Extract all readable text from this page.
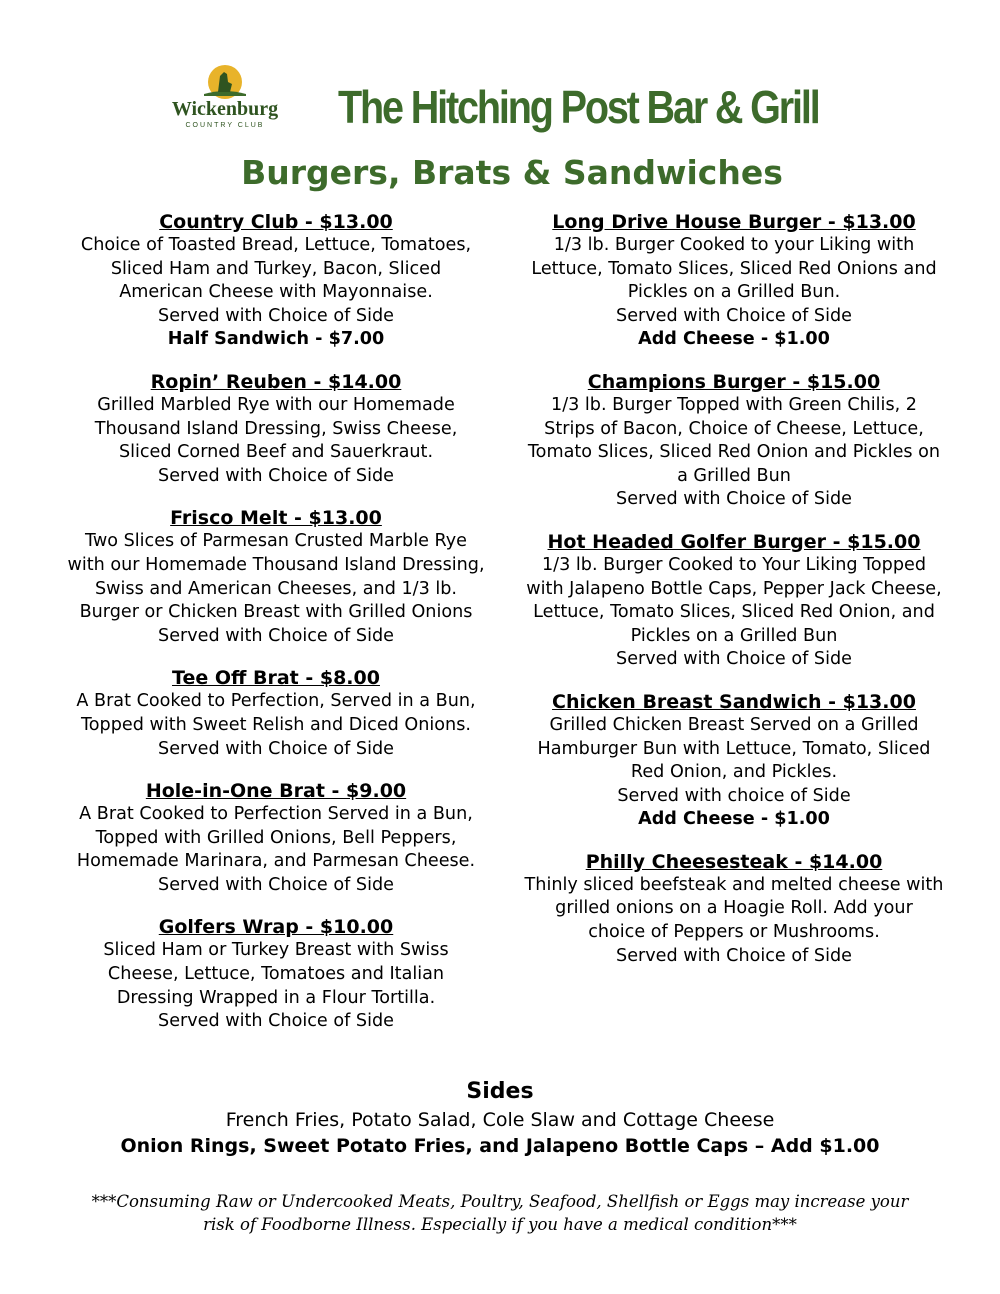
Wickenburg
COUNTRY CLUB The Hitching Post Bar & Grill
Burgers, Brats & Sandwiches
Country Club - $13.00
Choice of Toasted Bread, Lettuce, Tomatoes,
Sliced Ham and Turkey, Bacon, Sliced
American Cheese with Mayonnaise.
Served with Choice of Side
Half Sandwich - $7.00
Ropin’ Reuben - $14.00
Grilled Marbled Rye with our Homemade
Thousand Island Dressing, Swiss Cheese,
Sliced Corned Beef and Sauerkraut.
Served with Choice of Side
Frisco Melt - $13.00
Two Slices of Parmesan Crusted Marble Rye
with our Homemade Thousand Island Dressing,
Swiss and American Cheeses, and 1/3 lb.
Burger or Chicken Breast with Grilled Onions
Served with Choice of Side
Tee Off Brat - $8.00
A Brat Cooked to Perfection, Served in a Bun,
Topped with Sweet Relish and Diced Onions.
Served with Choice of Side
Hole-in-One Brat - $9.00
A Brat Cooked to Perfection Served in a Bun,
Topped with Grilled Onions, Bell Peppers,
Homemade Marinara, and Parmesan Cheese.
Served with Choice of Side
Golfers Wrap - $10.00
Sliced Ham or Turkey Breast with Swiss
Cheese, Lettuce, Tomatoes and Italian
Dressing Wrapped in a Flour Tortilla.
Served with Choice of Side
Long Drive House Burger - $13.00
1/3 lb. Burger Cooked to your Liking with
Lettuce, Tomato Slices, Sliced Red Onions and
Pickles on a Grilled Bun.
Served with Choice of Side
Add Cheese - $1.00
Champions Burger - $15.00
1/3 lb. Burger Topped with Green Chilis, 2
Strips of Bacon, Choice of Cheese, Lettuce,
Tomato Slices, Sliced Red Onion and Pickles on
a Grilled Bun
Served with Choice of Side
Hot Headed Golfer Burger - $15.00
1/3 lb. Burger Cooked to Your Liking Topped
with Jalapeno Bottle Caps, Pepper Jack Cheese,
Lettuce, Tomato Slices, Sliced Red Onion, and
Pickles on a Grilled Bun
Served with Choice of Side
Chicken Breast Sandwich - $13.00
Grilled Chicken Breast Served on a Grilled
Hamburger Bun with Lettuce, Tomato, Sliced
Red Onion, and Pickles.
Served with choice of Side
Add Cheese - $1.00
Philly Cheesesteak - $14.00
Thinly sliced beefsteak and melted cheese with
grilled onions on a Hoagie Roll. Add your
choice of Peppers or Mushrooms.
Served with Choice of Side
Sides
French Fries, Potato Salad, Cole Slaw and Cottage Cheese
Onion Rings, Sweet Potato Fries, and Jalapeno Bottle Caps – Add $1.00
***Consuming Raw or Undercooked Meats, Poultry, Seafood, Shellfish or Eggs may increase your
risk of Foodborne Illness. Especially if you have a medical condition***
